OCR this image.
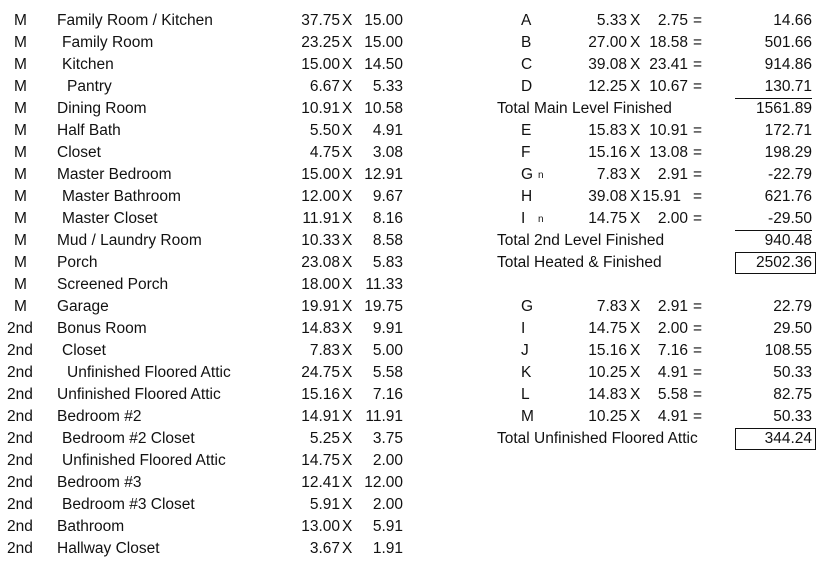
M Family Room / Kitchen	37.75 X 15.00
M Family Room	23.25 X 15.00
M Kitchen	15.00 X 14.50
M	Pantry	6.67 X	5.33
M Dining Room	10.91 X 10.58
M Half Bath	5.50 X	4.91
M Closet	4.75 X	3.08
M Master Bedroom	15.00 X 12.91
M Master Bathroom	12.00 X	9.67
M Master Closet	11.91 X	8.16
M Mud / Laundry Room	10.33 X	8.58
M Porch	23.08 X	5.83
M Screened Porch	18.00 X 11.33
M Garage	19.91 X 19.75
2nd Bonus Room	14.83 X	9.91
2nd Closet	7.83 X	5.00
2nd Unfinished Floored Attic	24.75 X	5.58
2nd Unfinished Floored Attic	15.16 X	7.16
2nd Bedroom #2	14.91 X 11.91
2nd Bedroom #2 Closet	5.25 X	3.75
2nd Unfinished Floored Attic	14.75 X	2.00
2nd Bedroom #3	12.41 X 12.00
2nd Bedroom #3 Closet	5.91 X	2.00
2nd Bathroom	13.00 X	5.91
2nd Hallway Closet	3.67 X	1.91
A	5.33 X	2.75 =	14.66
B	27.00 X 18.58 =	501.66
C	39.08 X 23.41 =	914.86
D	12.25 X 10.67 =	130.71
Total Main Level Finished	1561.89
E	15.83 X 10.91 =	172.71
F	15.16 X 13.08 =	198.29
G n	7.83 X	2.91 =	-22.79
H	39.08 X 15.91 =	621.76
I n	14.75 X	2.00 =	-29.50
Total 2nd Level Finished	940.48
Total Heated & Finished	2502.36
G	7.83 X	2.91 =	22.79
I	14.75 X	2.00 =	29.50
J	15.16 X	7.16 =	108.55
K	10.25 X	4.91 =	50.33
L	14.83 X	5.58 =	82.75
M	10.25 X	4.91 =	50.33
Total Unfinished Floored Attic	344.24
